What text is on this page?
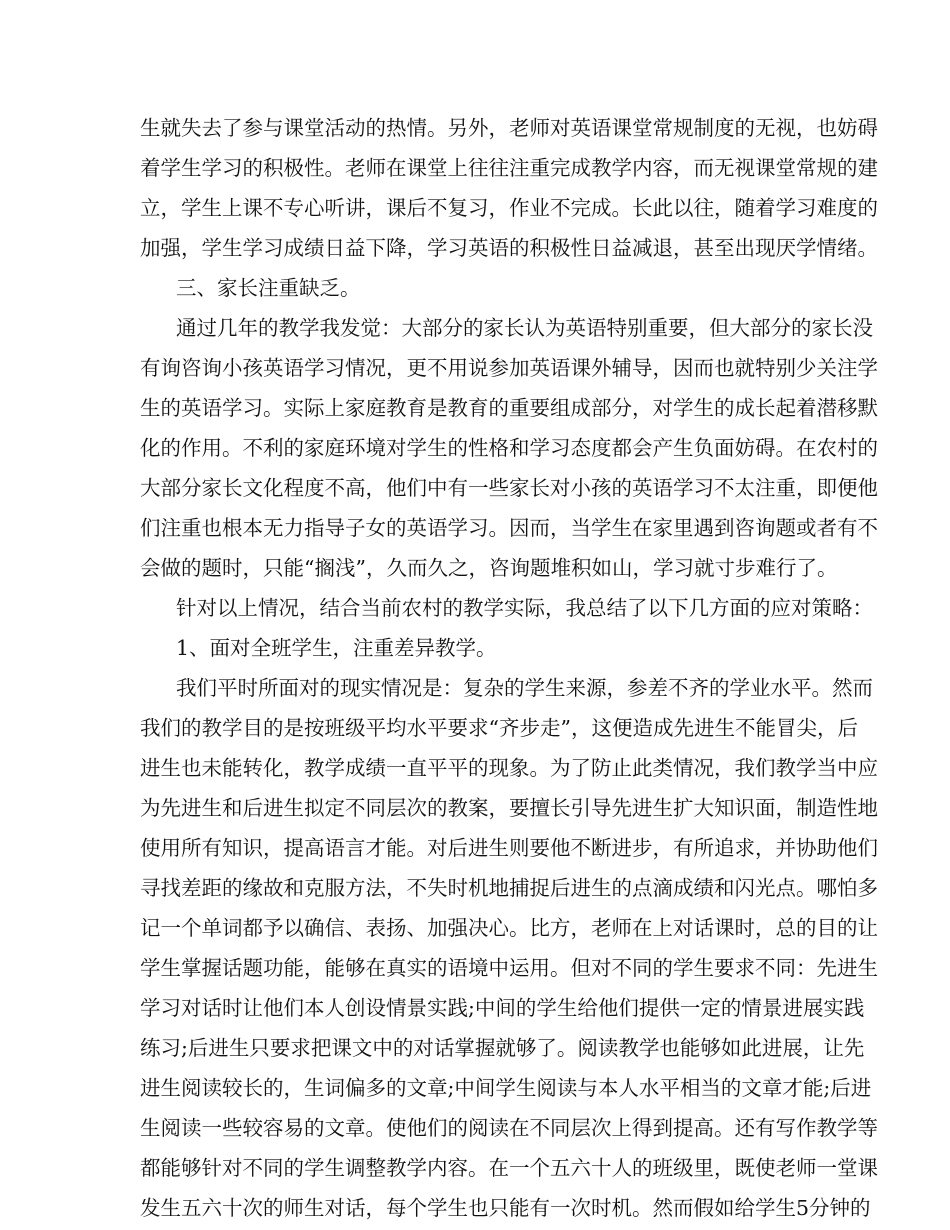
生就失去了参与课堂活动的热情。另外，老师对英语课堂常规制度的无视，也妨碍
着学生学习的积极性。老师在课堂上往往注重完成教学内容，而无视课堂常规的建
立，学生上课不专心听讲，课后不复习，作业不完成。长此以往，随着学习难度的
加强，学生学习成绩日益下降，学习英语的积极性日益减退，甚至出现厌学情绪。
三、家长注重缺乏。
通过几年的教学我发觉：大部分的家长认为英语特别重要，但大部分的家长没
有询咨询小孩英语学习情况，更不用说参加英语课外辅导，因而也就特别少关注学
生的英语学习。实际上家庭教育是教育的重要组成部分，对学生的成长起着潜移默
化的作用。不利的家庭环境对学生的性格和学习态度都会产生负面妨碍。在农村的
大部分家长文化程度不高，他们中有一些家长对小孩的英语学习不太注重，即便他
们注重也根本无力指导子女的英语学习。因而，当学生在家里遇到咨询题或者有不
会做的题时，只能“搁浅”，久而久之，咨询题堆积如山，学习就寸步难行了。
针对以上情况，结合当前农村的教学实际，我总结了以下几方面的应对策略：
1、面对全班学生，注重差异教学。
我们平时所面对的现实情况是：复杂的学生来源，参差不齐的学业水平。然而
我们的教学目的是按班级平均水平要求“齐步走”，这便造成先进生不能冒尖，后
进生也未能转化，教学成绩一直平平的现象。为了防止此类情况，我们教学当中应
为先进生和后进生拟定不同层次的教案，要擅长引导先进生扩大知识面，制造性地
使用所有知识，提高语言才能。对后进生则要他不断进步，有所追求，并协助他们
寻找差距的缘故和克服方法，不失时机地捕捉后进生的点滴成绩和闪光点。哪怕多
记一个单词都予以确信、表扬、加强决心。比方，老师在上对话课时，总的目的让
学生掌握话题功能，能够在真实的语境中运用。但对不同的学生要求不同：先进生
学习对话时让他们本人创设情景实践;中间的学生给他们提供一定的情景进展实践
练习;后进生只要求把课文中的对话掌握就够了。阅读教学也能够如此进展，让先
进生阅读较长的，生词偏多的文章;中间学生阅读与本人水平相当的文章才能;后进
生阅读一些较容易的文章。使他们的阅读在不同层次上得到提高。还有写作教学等
都能够针对不同的学生调整教学内容。在一个五六十人的班级里，既使老师一堂课
发生五六十次的师生对话，每个学生也只能有一次时机。然而假如给学生5分钟的
